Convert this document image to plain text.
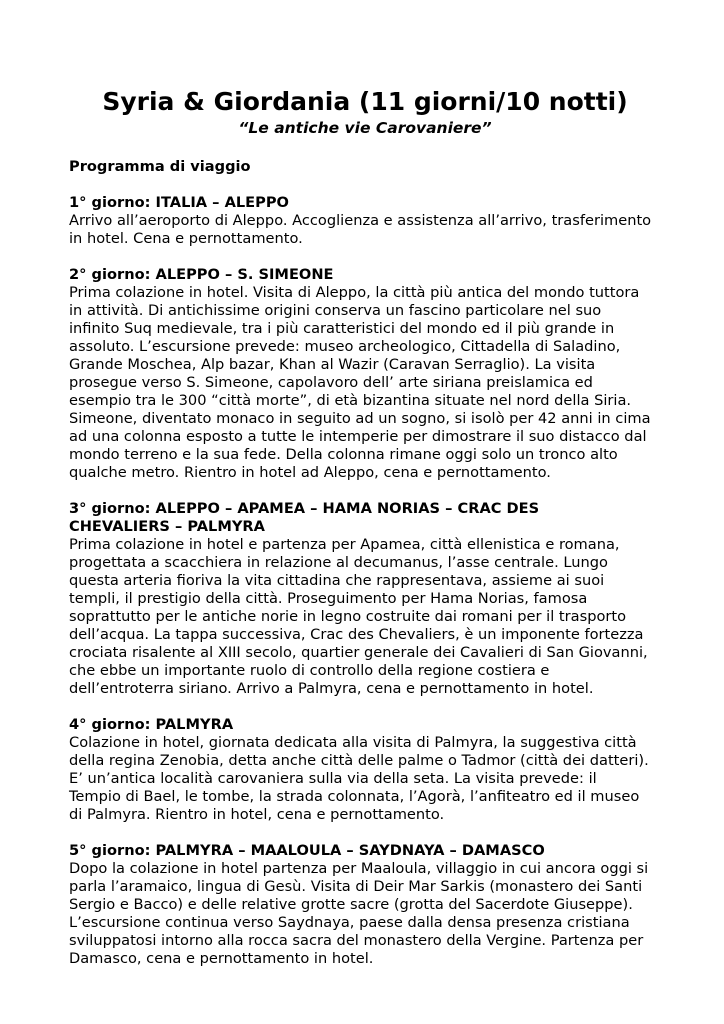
Syria & Giordania (11 giorni/10 notti)

“Le antiche vie Carovaniere”

Programma di viaggio

1° giorno: ITALIA – ALEPPO

Arrivo all’aeroporto di Aleppo. Accoglienza e assistenza all’arrivo, trasferimento
in hotel. Cena e pernottamento.

2° giorno: ALEPPO – S. SIMEONE

Prima colazione in hotel. Visita di Aleppo, la città più antica del mondo tuttora
in attività. Di antichissime origini conserva un fascino particolare nel suo
infinito Suq medievale, tra i più caratteristici del mondo ed il più grande in
assoluto. L’escursione prevede: museo archeologico, Cittadella di Saladino,
Grande Moschea, Alp bazar, Khan al Wazir (Caravan Serraglio). La visita
prosegue verso S. Simeone, capolavoro dell’ arte siriana preislamica ed
esempio tra le 300 “città morte”, di età bizantina situate nel nord della Siria.
Simeone, diventato monaco in seguito ad un sogno, si isolò per 42 anni in cima
ad una colonna esposto a tutte le intemperie per dimostrare il suo distacco dal
mondo terreno e la sua fede. Della colonna rimane oggi solo un tronco alto
qualche metro. Rientro in hotel ad Aleppo, cena e pernottamento.

3° giorno: ALEPPO – APAMEA – HAMA NORIAS – CRAC DES
CHEVALIERS – PALMYRA

Prima colazione in hotel e partenza per Apamea, città ellenistica e romana,
progettata a scacchiera in relazione al decumanus, l’asse centrale. Lungo
questa arteria fioriva la vita cittadina che rappresentava, assieme ai suoi
templi, il prestigio della città. Proseguimento per Hama Norias, famosa
soprattutto per le antiche norie in legno costruite dai romani per il trasporto
dell’acqua. La tappa successiva, Crac des Chevaliers, è un imponente fortezza
crociata risalente al XIII secolo, quartier generale dei Cavalieri di San Giovanni,
che ebbe un importante ruolo di controllo della regione costiera e
dell’entroterra siriano. Arrivo a Palmyra, cena e pernottamento in hotel.

4° giorno: PALMYRA

Colazione in hotel, giornata dedicata alla visita di Palmyra, la suggestiva città
della regina Zenobia, detta anche città delle palme o Tadmor (città dei datteri).
E’ un’antica località carovaniera sulla via della seta. La visita prevede: il
Tempio di Bael, le tombe, la strada colonnata, l’Agorà, l’anfiteatro ed il museo
di Palmyra. Rientro in hotel, cena e pernottamento.

5° giorno: PALMYRA – MAALOULA – SAYDNAYA – DAMASCO

Dopo la colazione in hotel partenza per Maaloula, villaggio in cui ancora oggi si
parla l’aramaico, lingua di Gesù. Visita di Deir Mar Sarkis (monastero dei Santi
Sergio e Bacco) e delle relative grotte sacre (grotta del Sacerdote Giuseppe).
L’escursione continua verso Saydnaya, paese dalla densa presenza cristiana
sviluppatosi intorno alla rocca sacra del monastero della Vergine. Partenza per
Damasco, cena e pernottamento in hotel.
